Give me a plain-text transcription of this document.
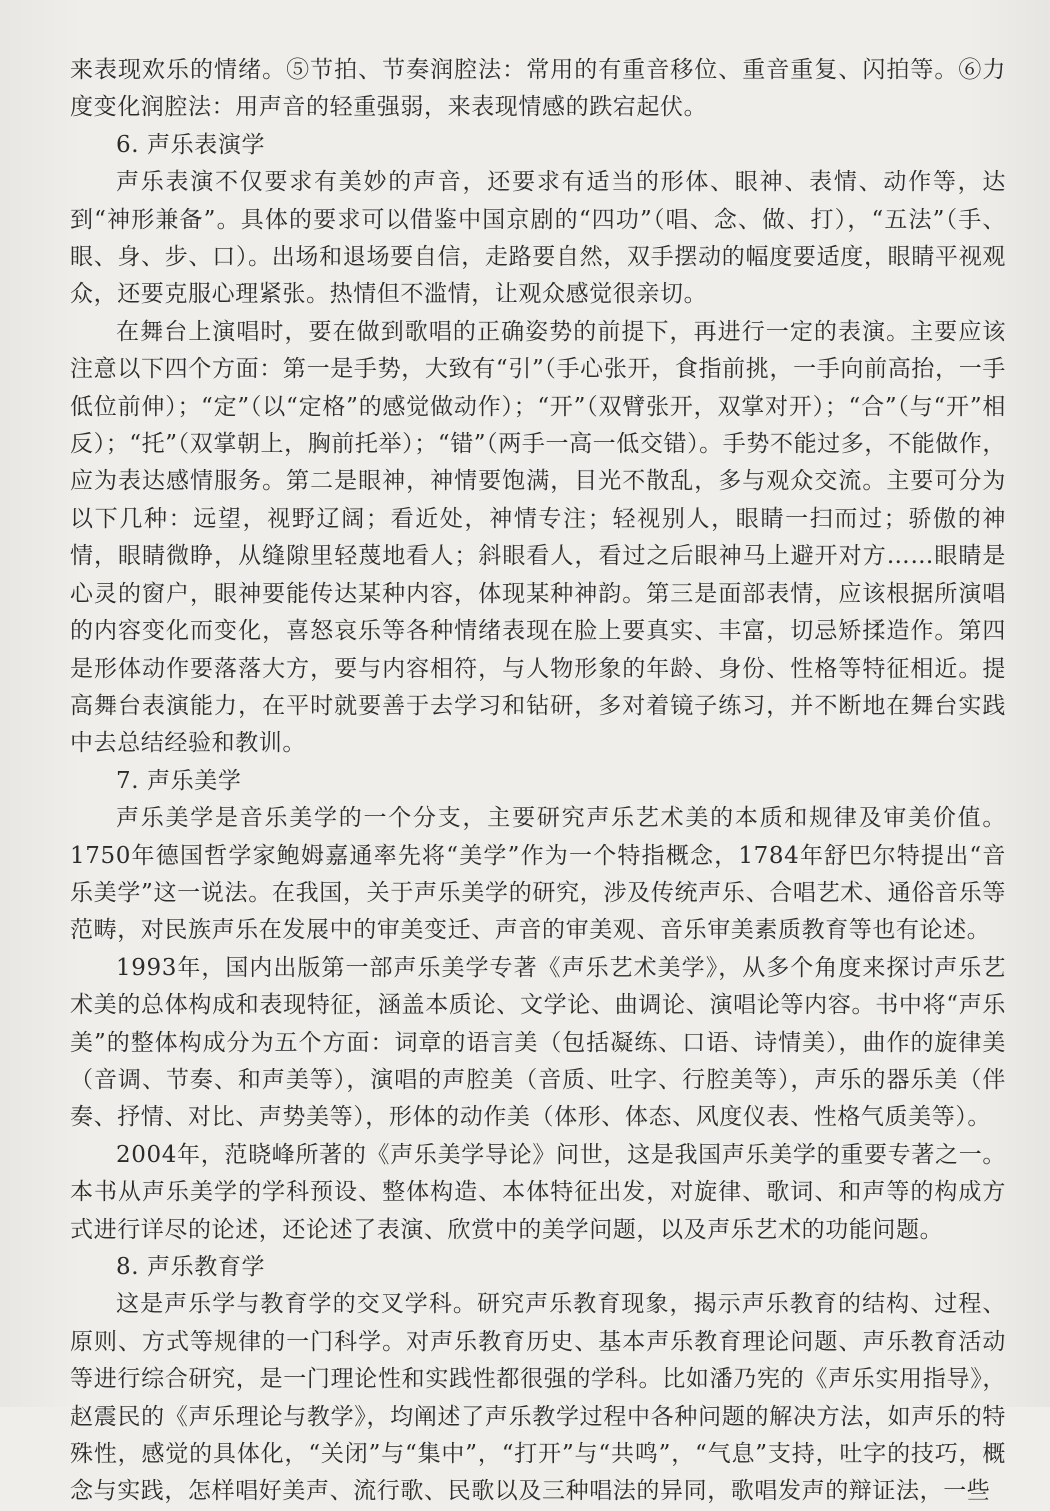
来表现欢乐的情绪。⑤节拍、节奏润腔法：常用的有重音移位、重音重复、闪拍等。⑥力度变化润腔法：用声音的轻重强弱，来表现情感的跌宕起伏。

6. 声乐表演学

声乐表演不仅要求有美妙的声音，还要求有适当的形体、眼神、表情、动作等，达到“神形兼备”。具体的要求可以借鉴中国京剧的“四功”（唱、念、做、打），“五法”（手、眼、身、步、口）。出场和退场要自信，走路要自然，双手摆动的幅度要适度，眼睛平视观众，还要克服心理紧张。热情但不滥情，让观众感觉很亲切。

在舞台上演唱时，要在做到歌唱的正确姿势的前提下，再进行一定的表演。主要应该注意以下四个方面：第一是手势，大致有“引”（手心张开，食指前挑，一手向前高抬，一手低位前伸）；“定”（以“定格”的感觉做动作）；“开”（双臂张开，双掌对开）；“合”（与“开”相反）；“托”（双掌朝上，胸前托举）；“错”（两手一高一低交错）。手势不能过多，不能做作，应为表达感情服务。第二是眼神，神情要饱满，目光不散乱，多与观众交流。主要可分为以下几种：远望，视野辽阔；看近处，神情专注；轻视别人，眼睛一扫而过；骄傲的神情，眼睛微睁，从缝隙里轻蔑地看人；斜眼看人，看过之后眼神马上避开对方……眼睛是心灵的窗户，眼神要能传达某种内容，体现某种神韵。第三是面部表情，应该根据所演唱的内容变化而变化，喜怒哀乐等各种情绪表现在脸上要真实、丰富，切忌矫揉造作。第四是形体动作要落落大方，要与内容相符，与人物形象的年龄、身份、性格等特征相近。提高舞台表演能力，在平时就要善于去学习和钻研，多对着镜子练习，并不断地在舞台实践中去总结经验和教训。

7. 声乐美学

声乐美学是音乐美学的一个分支，主要研究声乐艺术美的本质和规律及审美价值。1750年德国哲学家鲍姆嘉通率先将“美学”作为一个特指概念，1784年舒巴尔特提出“音乐美学”这一说法。在我国，关于声乐美学的研究，涉及传统声乐、合唱艺术、通俗音乐等范畴，对民族声乐在发展中的审美变迁、声音的审美观、音乐审美素质教育等也有论述。

1993年，国内出版第一部声乐美学专著《声乐艺术美学》，从多个角度来探讨声乐艺术美的总体构成和表现特征，涵盖本质论、文学论、曲调论、演唱论等内容。书中将“声乐美”的整体构成分为五个方面：词章的语言美（包括凝练、口语、诗情美），曲作的旋律美（音调、节奏、和声美等），演唱的声腔美（音质、吐字、行腔美等），声乐的器乐美（伴奏、抒情、对比、声势美等），形体的动作美（体形、体态、风度仪表、性格气质美等）。

2004年，范晓峰所著的《声乐美学导论》问世，这是我国声乐美学的重要专著之一。本书从声乐美学的学科预设、整体构造、本体特征出发，对旋律、歌词、和声等的构成方式进行详尽的论述，还论述了表演、欣赏中的美学问题，以及声乐艺术的功能问题。

8. 声乐教育学

这是声乐学与教育学的交叉学科。研究声乐教育现象，揭示声乐教育的结构、过程、原则、方式等规律的一门科学。对声乐教育历史、基本声乐教育理论问题、声乐教育活动等进行综合研究，是一门理论性和实践性都很强的学科。比如潘乃宪的《声乐实用指导》，赵震民的《声乐理论与教学》，均阐述了声乐教学过程中各种问题的解决方法，如声乐的特殊性，感觉的具体化，“关闭”与“集中”，“打开”与“共鸣”，“气息”支持，吐字的技巧，概念与实践，怎样唱好美声、流行歌、民歌以及三种唱法的异同，歌唱发声的辩证法，一些
